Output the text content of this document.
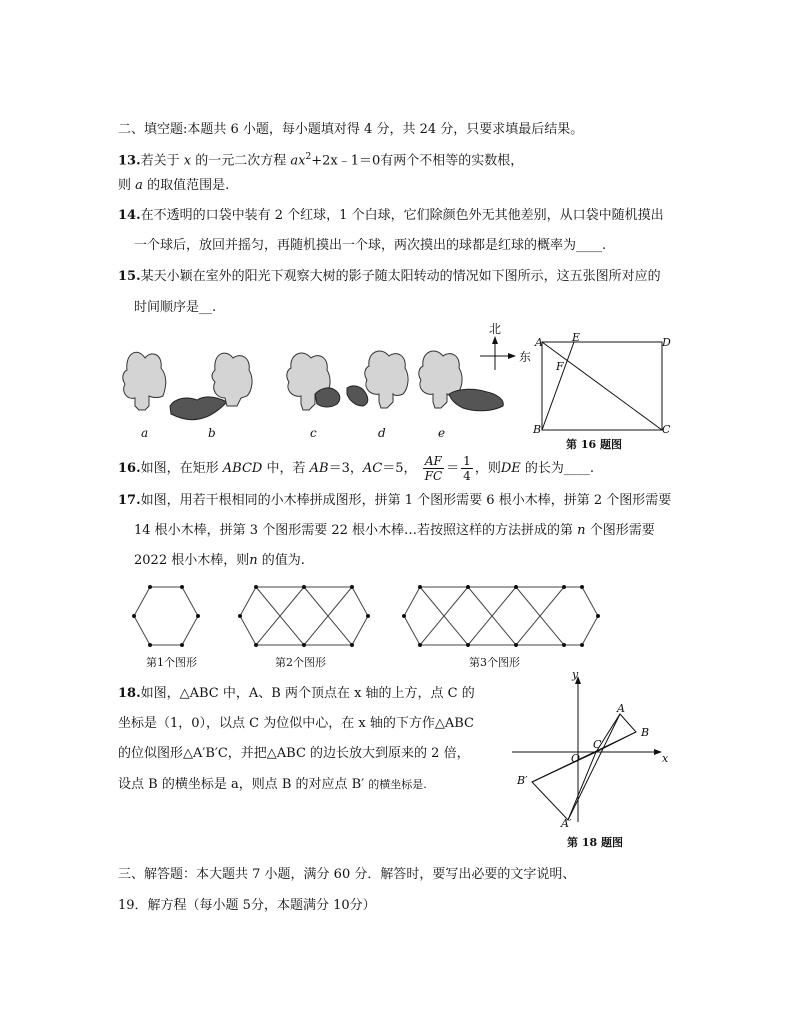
二、填空题:本题共 6 小题，每小题填对得 4 分，共 24 分，只要求填最后结果。
13.若关于 x 的一元二次方程 $ax^2+2x﹣1=0$有两个不相等的实数根，
则 a 的取值范围是.
14.在不透明的口袋中装有 2 个红球，1 个白球，它们除颜色外无其他差别，从口袋中随机摸出
一个球后，放回并摇匀，再随机摸出一个球，两次摸出的球都是红球的概率为____.
15.某天小颖在室外的阳光下观察大树的影子随太阳转动的情况如下图所示，这五张图所对应的
时间顺序是__.
北
东
a	b	c	d	e
A	E	D
F
B	C
第 16 题图
16.如图，在矩形 ABCD 中，若 AB＝3，AC＝5， $\frac{AF}{FC} = \frac{1}{4}$ ，则DE 的长为____.
17.如图，用若干根相同的小木棒拼成图形，拼第 1 个图形需要 6 根小木棒，拼第 2 个图形需要
14 根小木棒，拼第 3 个图形需要 22 根小木棒…若按照这样的方法拼成的第 n 个图形需要
2022 根小木棒，则n 的值为.
第1个图形	第2个图形	第3个图形
18.如图，△ABC 中，A、B 两个顶点在 x 轴的上方，点 C 的
坐标是（1，0），以点 C 为位似中心，在 x 轴的下方作△ABC
的位似图形△A′B′C，并把△ABC 的边长放大到原来的 2 倍，
设点 B 的横坐标是 a，则点 B 的对应点 B′ 的横坐标是.
y
x
O
C
A
B
B′
A′
第 18 题图
三、解答题：本大题共 7 小题，满分 60 分．解答时，要写出必要的文字说明、
19．解方程（每小题 5分，本题满分 10分）
